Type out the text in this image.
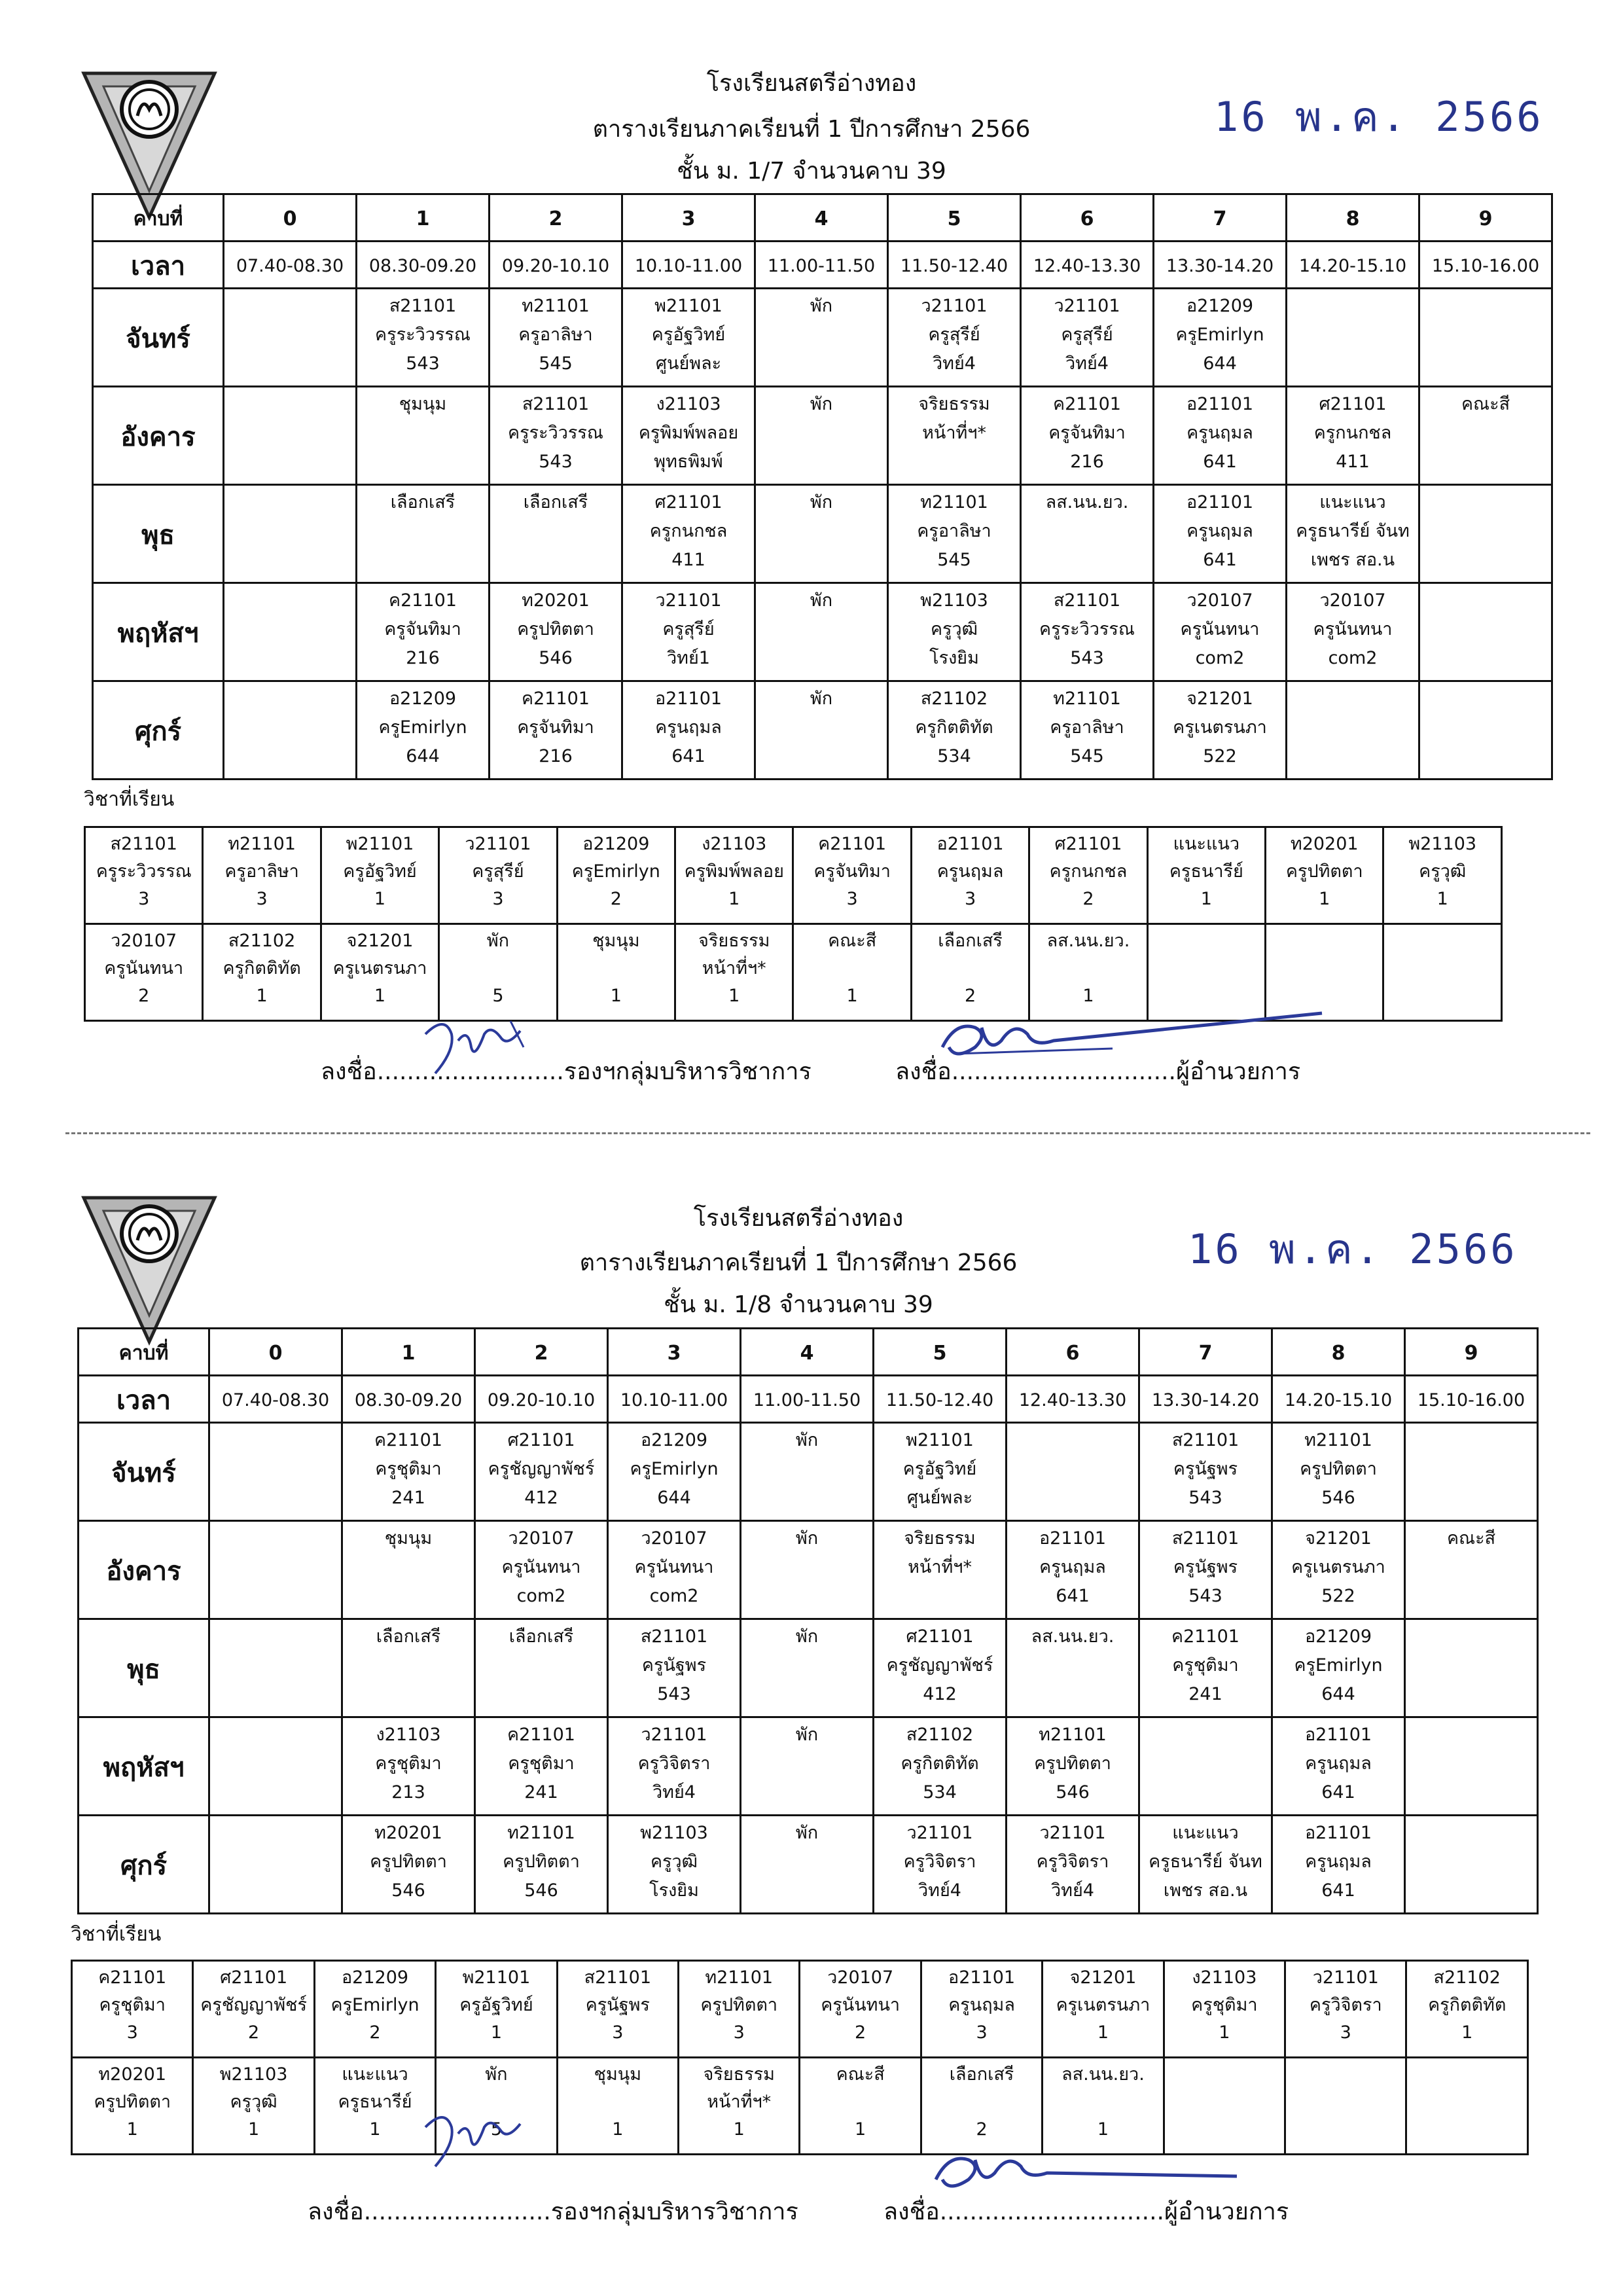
โรงเรียนสตรีอ่างทอง
ตารางเรียนภาคเรียนที่ 1 ปีการศึกษา 2566
ชั้น ม. 1/7 จำนวนคาบ 39
16 พ.ค. 2566
คาบที่	0	1	2	3	4	5	6	7	8	9
เวลา	07.40-08.30	08.30-09.20	09.20-10.10	10.10-11.00	11.00-11.50	11.50-12.40	12.40-13.30	13.30-14.20	14.20-15.10	15.10-16.00
จันทร์		ส21101
ครูระวิวรรณ
543	ท21101
ครูอาลิษา
545	พ21101
ครูอัฐวิทย์
ศูนย์พละ	พัก	ว21101
ครูสุรีย์
วิทย์4	ว21101
ครูสุรีย์
วิทย์4	อ21209
ครูEmirlyn
644		
อังคาร		ชุมนุม	ส21101
ครูระวิวรรณ
543	ง21103
ครูพิมพ์พลอย
พุทธพิมพ์	พัก	จริยธรรม
หน้าที่ฯ*	ค21101
ครูจันทิมา
216	อ21101
ครูนฤมล
641	ศ21101
ครูกนกชล
411	คณะสี
พุธ		เลือกเสรี	เลือกเสรี	ศ21101
ครูกนกชล
411	พัก	ท21101
ครูอาลิษา
545	ลส.นน.ยว.	อ21101
ครูนฤมล
641	แนะแนว
ครูธนารีย์ จันท
เพชร สอ.น	
พฤหัสฯ		ค21101
ครูจันทิมา
216	ท20201
ครูปทิตตา
546	ว21101
ครูสุรีย์
วิทย์1	พัก	พ21103
ครูวุฒิ
โรงยิม	ส21101
ครูระวิวรรณ
543	ว20107
ครูนันทนา
com2	ว20107
ครูนันทนา
com2	
ศุกร์		อ21209
ครูEmirlyn
644	ค21101
ครูจันทิมา
216	อ21101
ครูนฤมล
641	พัก	ส21102
ครูกิตติทัต
534	ท21101
ครูอาลิษา
545	จ21201
ครูเนตรนภา
522		
วิชาที่เรียน
ส21101
ครูระวิวรรณ
3	ท21101
ครูอาลิษา
3	พ21101
ครูอัฐวิทย์
1	ว21101
ครูสุรีย์
3	อ21209
ครูEmirlyn
2	ง21103
ครูพิมพ์พลอย
1	ค21101
ครูจันทิมา
3	อ21101
ครูนฤมล
3	ศ21101
ครูกนกชล
2	แนะแนว
ครูธนารีย์
1	ท20201
ครูปทิตตา
1	พ21103
ครูวุฒิ
1
ว20107
ครูนันทนา
2	ส21102
ครูกิตติทัต
1	จ21201
ครูเนตรนภา
1	พัก

5	ชุมนุม

1	จริยธรรม
หน้าที่ฯ*
1	คณะสี

1	เลือกเสรี

2	ลส.นน.ยว.

1			
ลงชื่อ.........................รองฯกลุ่มบริหารวิชาการ	ลงชื่อ..............................ผู้อำนวยการ
โรงเรียนสตรีอ่างทอง
ตารางเรียนภาคเรียนที่ 1 ปีการศึกษา 2566
ชั้น ม. 1/8 จำนวนคาบ 39
16 พ.ค. 2566
คาบที่	0	1	2	3	4	5	6	7	8	9
เวลา	07.40-08.30	08.30-09.20	09.20-10.10	10.10-11.00	11.00-11.50	11.50-12.40	12.40-13.30	13.30-14.20	14.20-15.10	15.10-16.00
จันทร์		ค21101
ครูชุติมา
241	ศ21101
ครูชัญญาพัชร์
412	อ21209
ครูEmirlyn
644	พัก	พ21101
ครูอัฐวิทย์
ศูนย์พละ		ส21101
ครูนัฐพร
543	ท21101
ครูปทิตตา
546	
อังคาร		ชุมนุม	ว20107
ครูนันทนา
com2	ว20107
ครูนันทนา
com2	พัก	จริยธรรม
หน้าที่ฯ*	อ21101
ครูนฤมล
641	ส21101
ครูนัฐพร
543	จ21201
ครูเนตรนภา
522	คณะสี
พุธ		เลือกเสรี	เลือกเสรี	ส21101
ครูนัฐพร
543	พัก	ศ21101
ครูชัญญาพัชร์
412	ลส.นน.ยว.	ค21101
ครูชุติมา
241	อ21209
ครูEmirlyn
644	
พฤหัสฯ		ง21103
ครูชุติมา
213	ค21101
ครูชุติมา
241	ว21101
ครูวิจิตรา
วิทย์4	พัก	ส21102
ครูกิตติทัต
534	ท21101
ครูปทิตตา
546		อ21101
ครูนฤมล
641	
ศุกร์		ท20201
ครูปทิตตา
546	ท21101
ครูปทิตตา
546	พ21103
ครูวุฒิ
โรงยิม	พัก	ว21101
ครูวิจิตรา
วิทย์4	ว21101
ครูวิจิตรา
วิทย์4	แนะแนว
ครูธนารีย์ จันท
เพชร สอ.น	อ21101
ครูนฤมล
641	
วิชาที่เรียน
ค21101
ครูชุติมา
3	ศ21101
ครูชัญญาพัชร์
2	อ21209
ครูEmirlyn
2	พ21101
ครูอัฐวิทย์
1	ส21101
ครูนัฐพร
3	ท21101
ครูปทิตตา
3	ว20107
ครูนันทนา
2	อ21101
ครูนฤมล
3	จ21201
ครูเนตรนภา
1	ง21103
ครูชุติมา
1	ว21101
ครูวิจิตรา
3	ส21102
ครูกิตติทัต
1
ท20201
ครูปทิตตา
1	พ21103
ครูวุฒิ
1	แนะแนว
ครูธนารีย์
1	พัก

5	ชุมนุม

1	จริยธรรม
หน้าที่ฯ*
1	คณะสี

1	เลือกเสรี

2	ลส.นน.ยว.

1			
ลงชื่อ.........................รองฯกลุ่มบริหารวิชาการ	ลงชื่อ..............................ผู้อำนวยการ
